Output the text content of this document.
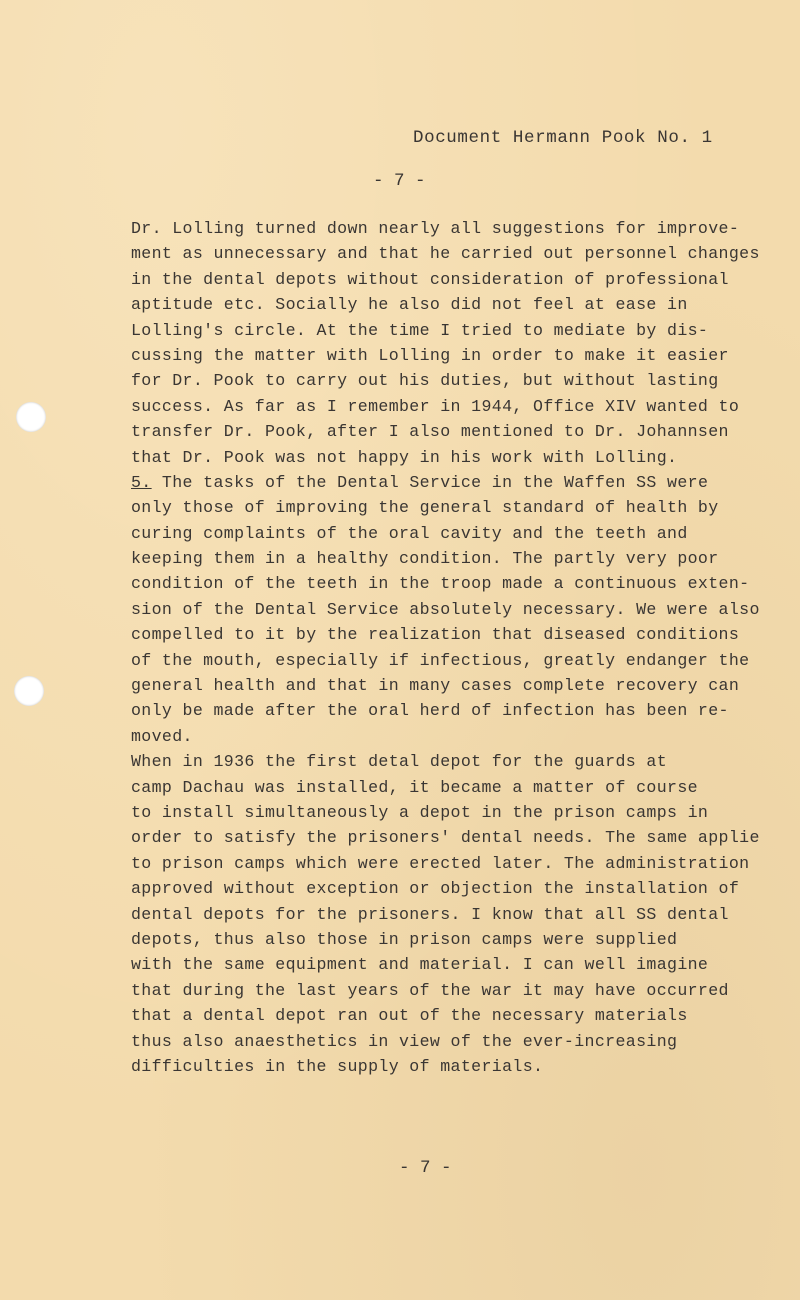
Document Hermann Pook No. 1
- 7 -
Dr. Lolling turned down nearly all suggestions for improve-
ment as unnecessary and that he carried out personnel changes
in the dental depots without consideration of professional
aptitude etc. Socially he also did not feel at ease in
Lolling's circle. At the time I tried to mediate by dis-
cussing the matter with Lolling in order to make it easier
for Dr. Pook to carry out his duties, but without lasting
success. As far as I remember in 1944, Office XIV wanted to
transfer Dr. Pook, after I also mentioned to Dr. Johannsen
that Dr. Pook was not happy in his work with Lolling.
5. The tasks of the Dental Service in the Waffen SS were
only those of improving the general standard of health by
curing complaints of the oral cavity and the teeth and
keeping them in a healthy condition. The partly very poor
condition of the teeth in the troop made a continuous exten-
sion of the Dental Service absolutely necessary. We were also
compelled to it by the realization that diseased conditions
of the mouth, especially if infectious, greatly endanger the
general health and that in many cases complete recovery can
only be made after the oral herd of infection has been re-
moved.
When in 1936 the first detal depot for the guards at
camp Dachau was installed, it became a matter of course
to install simultaneously a depot in the prison camps in
order to satisfy the prisoners' dental needs. The same applie
to prison camps which were erected later. The administration
approved without exception or objection the installation of
dental depots for the prisoners. I know that all SS dental
depots, thus also those in prison camps were supplied
with the same equipment and material. I can well imagine
that during the last years of the war it may have occurred
that a dental depot ran out of the necessary materials
thus also anaesthetics in view of the ever-increasing
difficulties in the supply of materials.
- 7 -
